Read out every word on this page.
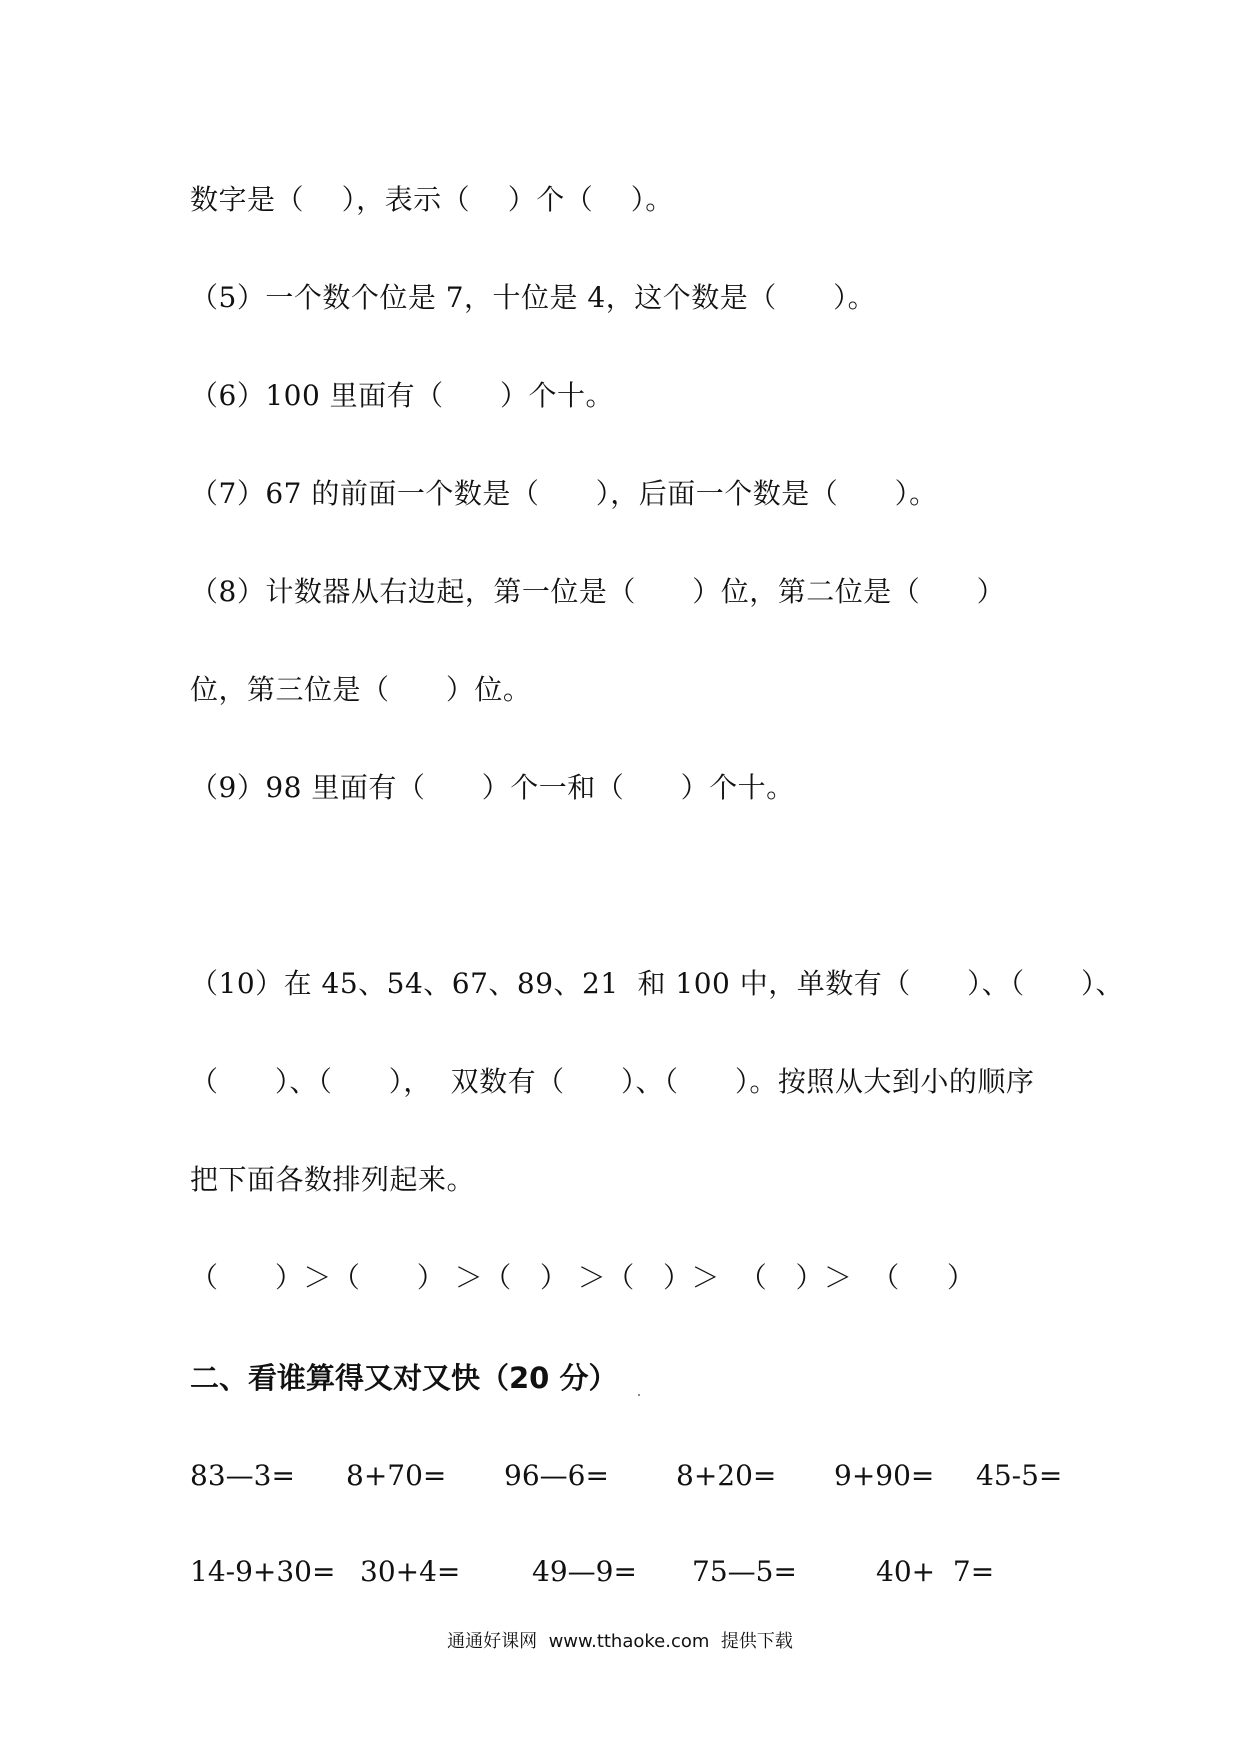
数字是（    ），表示（    ）个（    ）。
（5）一个数个位是 7，十位是 4，这个数是（      ）。
（6）100 里面有（      ）个十。
（7）67 的前面一个数是（      ），后面一个数是（      ）。
（8）计数器从右边起，第一位是（      ）位，第二位是（      ）
位，第三位是（      ）位。
（9）98 里面有（      ）个一和（      ）个十。
（10）在 45、54、67、89、21  和 100 中，单数有（      ）、（      ）、
（      ）、（      ），  双数有（      ）、（      ）。按照从大到小的顺序
把下面各数排列起来。
（      ）＞（      ） ＞（   ） ＞（   ）＞  （   ）＞  （     ）
二、看谁算得又对又快（20 分）
83—3= 8+70= 96—6= 8+20= 9+90= 45-5=
14-9+30= 30+4=	49—9= 75—5=	40+  7=
通通好课网  www.tthaoke.com  提供下载
